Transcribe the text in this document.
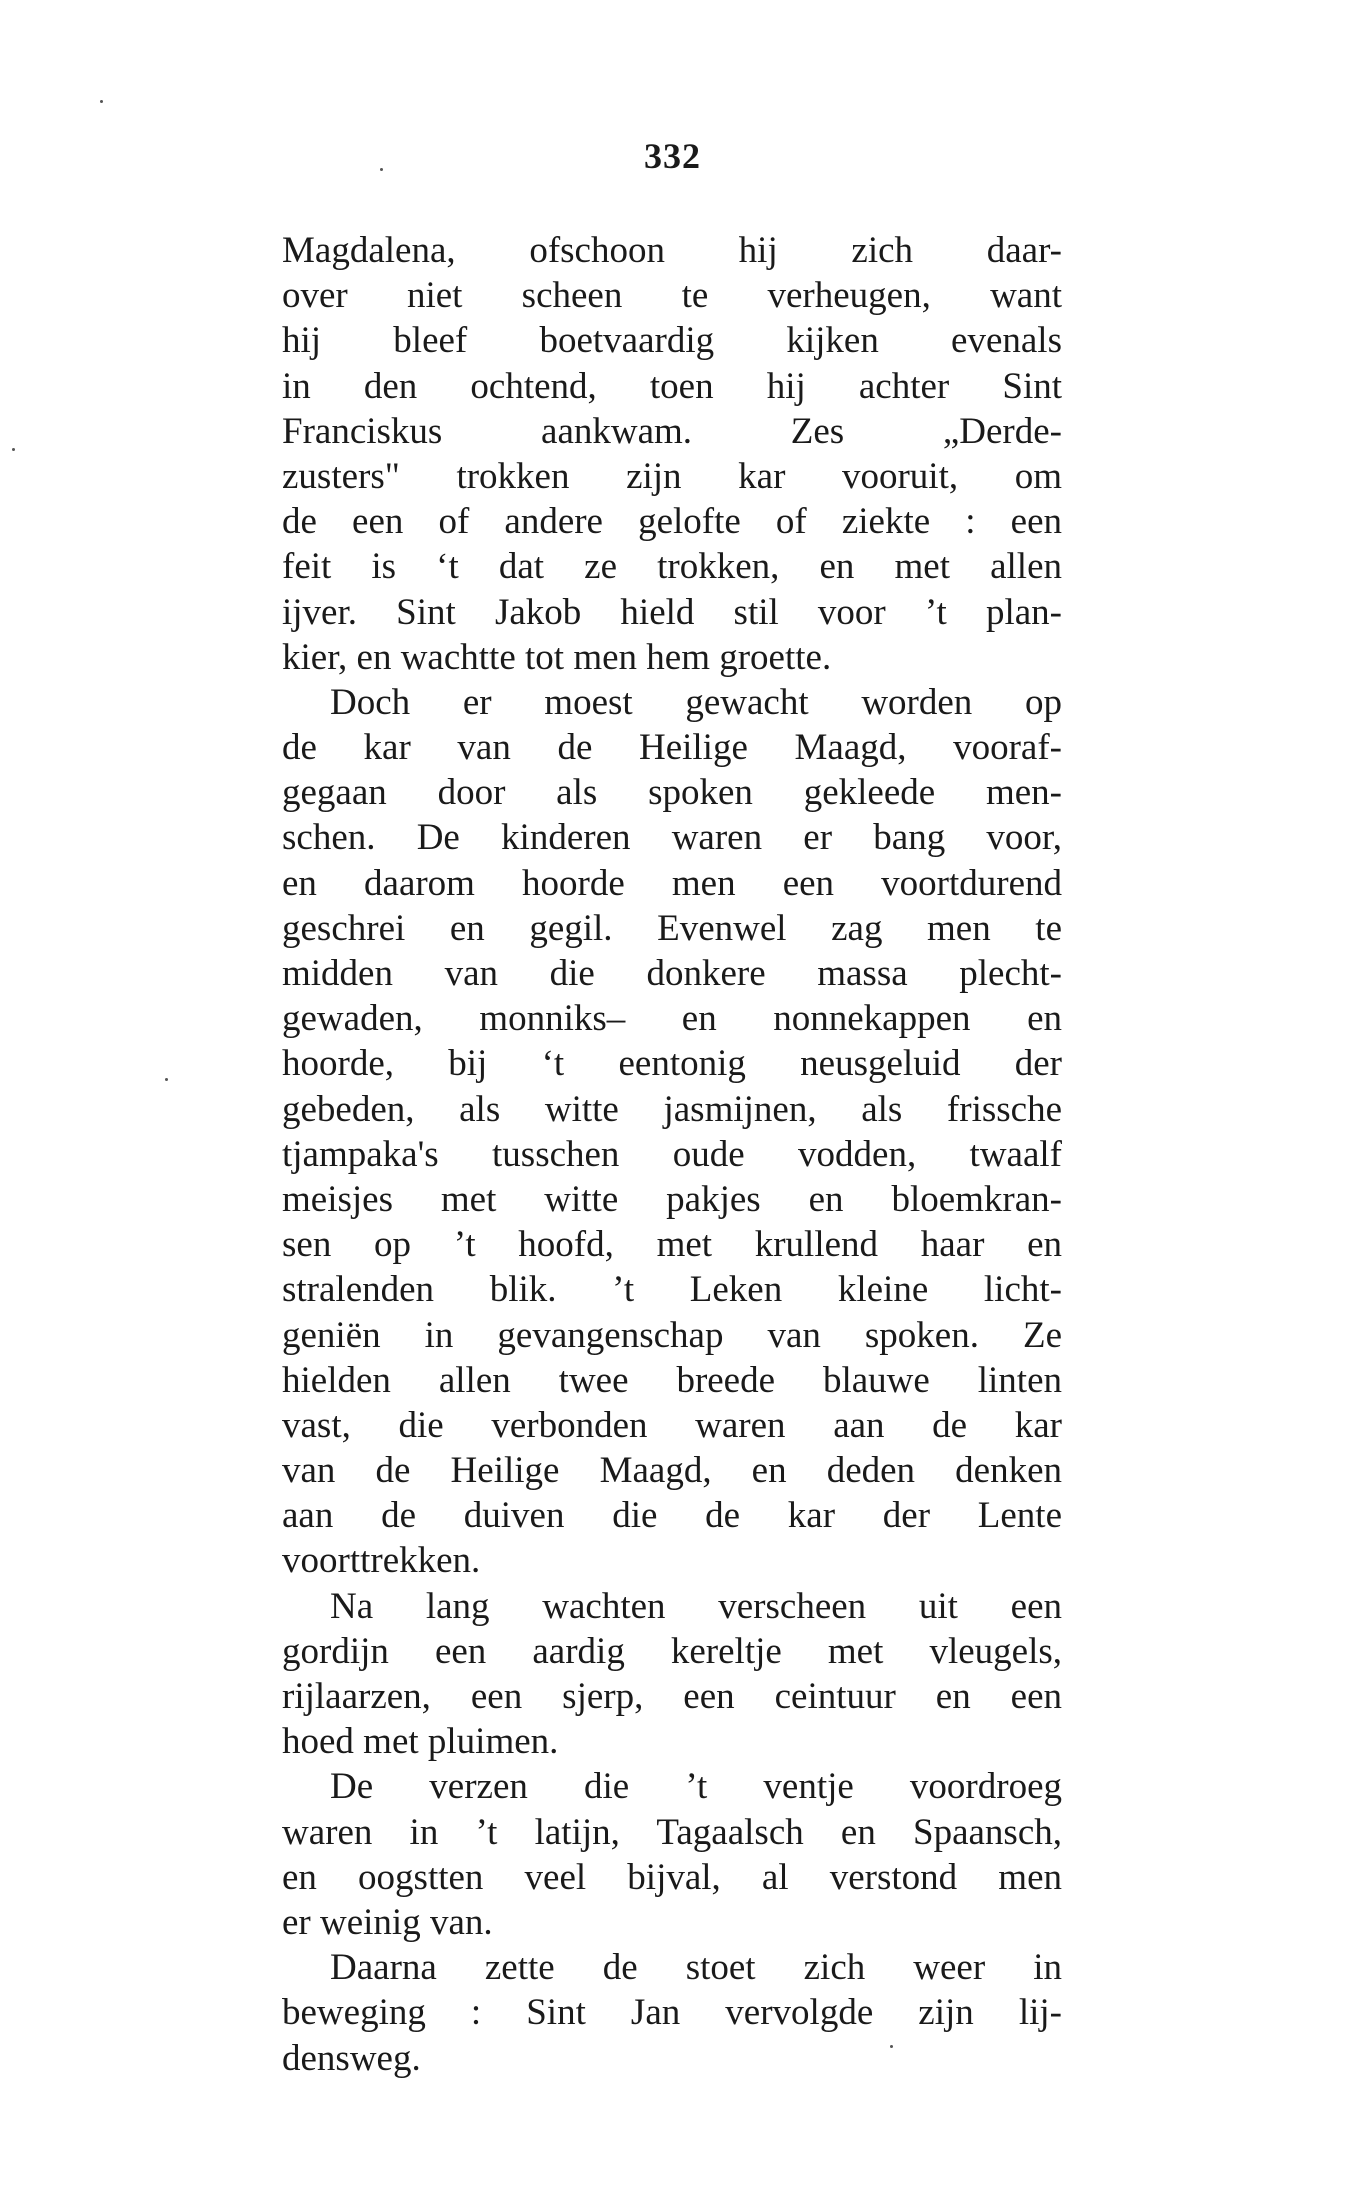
332
Magdalena, ofschoon hij zich daar-
over niet scheen te verheugen, want
hij bleef boetvaardig kijken evenals
in den ochtend, toen hij achter Sint
Franciskus aankwam. Zes „Derde-
zusters" trokken zijn kar vooruit, om
de een of andere gelofte of ziekte : een
feit is ‘t dat ze trokken, en met allen
ijver. Sint Jakob hield stil voor ’t plan-
kier, en wachtte tot men hem groette.
Doch er moest gewacht worden op
de kar van de Heilige Maagd, vooraf-
gegaan door als spoken gekleede men-
schen. De kinderen waren er bang voor,
en daarom hoorde men een voortdurend
geschrei en gegil. Evenwel zag men te
midden van die donkere massa plecht-
gewaden, monniks– en nonnekappen en
hoorde, bij ‘t eentonig neusgeluid der
gebeden, als witte jasmijnen, als frissche
tjampaka's tusschen oude vodden, twaalf
meisjes met witte pakjes en bloemkran-
sen op ’t hoofd, met krullend haar en
stralenden blik. ’t Leken kleine licht-
geniën in gevangenschap van spoken. Ze
hielden allen twee breede blauwe linten
vast, die verbonden waren aan de kar
van de Heilige Maagd, en deden denken
aan de duiven die de kar der Lente
voorttrekken.
Na lang wachten verscheen uit een
gordijn een aardig kereltje met vleugels,
rijlaarzen, een sjerp, een ceintuur en een
hoed met pluimen.
De verzen die ’t ventje voordroeg
waren in ’t latijn, Tagaalsch en Spaansch,
en oogstten veel bijval, al verstond men
er weinig van.
Daarna zette de stoet zich weer in
beweging : Sint Jan vervolgde zijn lij-
densweg.
